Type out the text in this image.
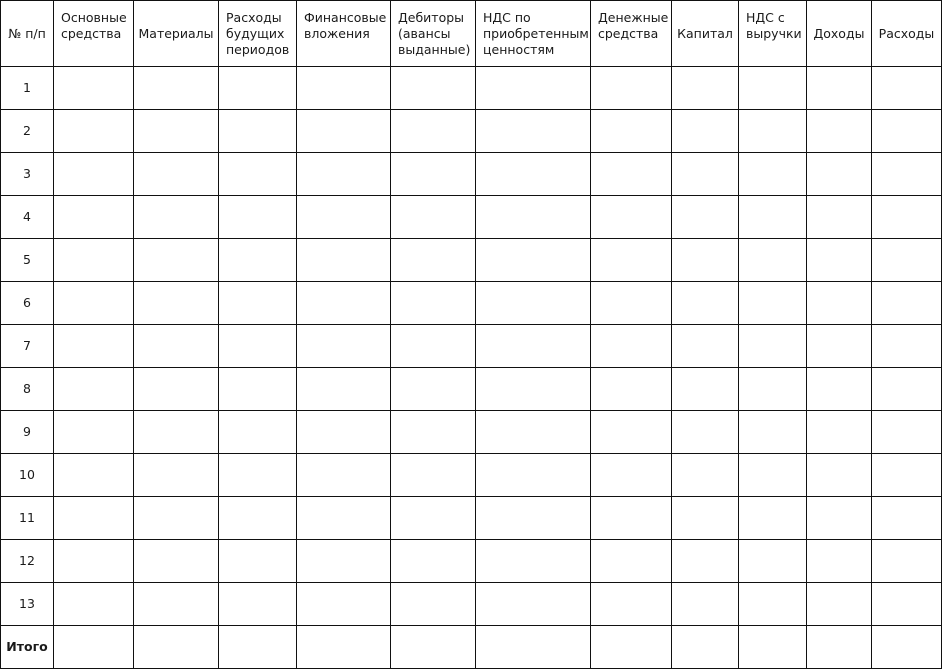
№ п/п	Основные средства	Материалы	Расходы будущих периодов	Финансовые вложения	Дебиторы (авансы выданные)	НДС по приобретенным ценностям	Денежные средства	Капитал	НДС с выручки	Доходы	Расходы
1											
2											
3											
4											
5											
6											
7											
8											
9											
10											
11											
12											
13											
Итого											
